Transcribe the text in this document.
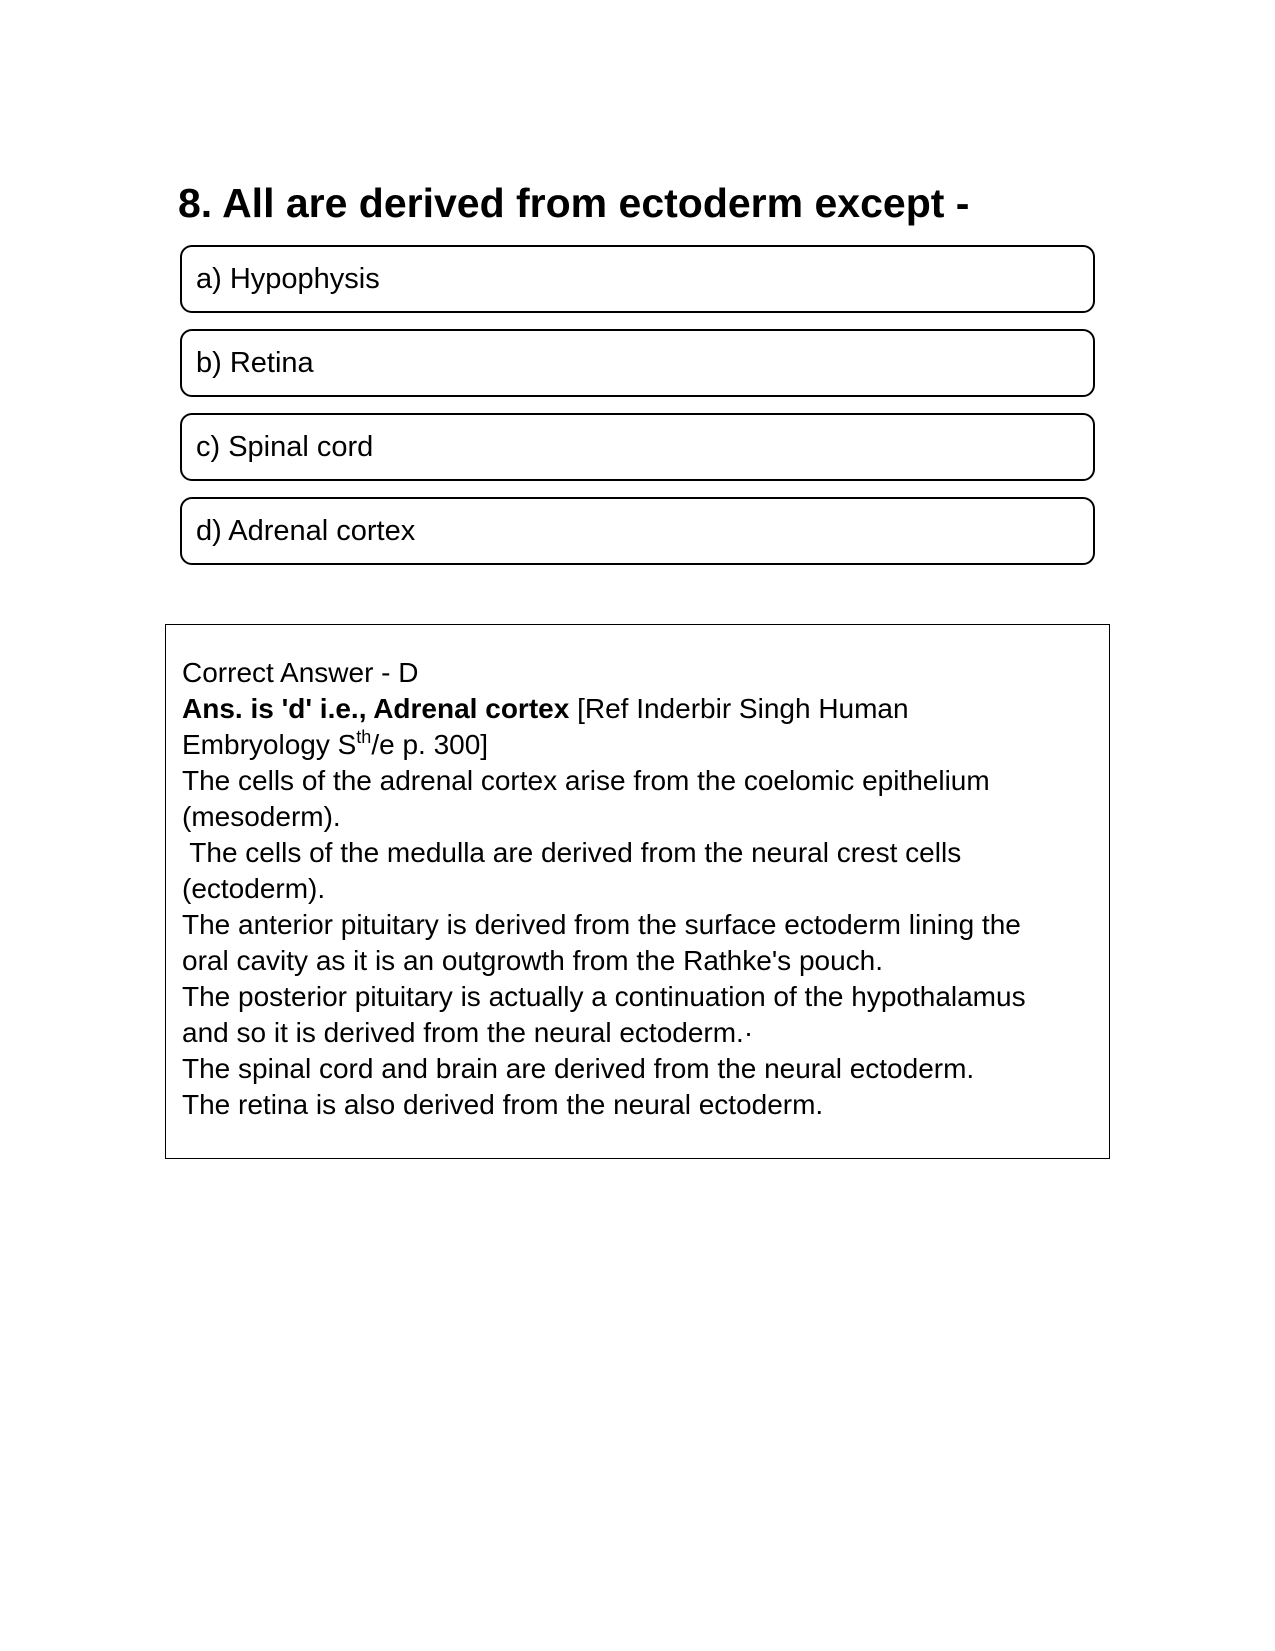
8. All are derived from ectoderm except -
a) Hypophysis
b) Retina
c) Spinal cord
d) Adrenal cortex
Correct Answer - D
Ans. is 'd' i.e., Adrenal cortex [Ref Inderbir Singh Human
Embryology $S^{th}/e$ p. 300]
The cells of the adrenal cortex arise from the coelomic epithelium
(mesoderm).
The cells of the medulla are derived from the neural crest cells
(ectoderm).
The anterior pituitary is derived from the surface ectoderm lining the
oral cavity as it is an outgrowth from the Rathke's pouch.
The posterior pituitary is actually a continuation of the hypothalamus
and so it is derived from the neural ectoderm.·
The spinal cord and brain are derived from the neural ectoderm.
The retina is also derived from the neural ectoderm.
